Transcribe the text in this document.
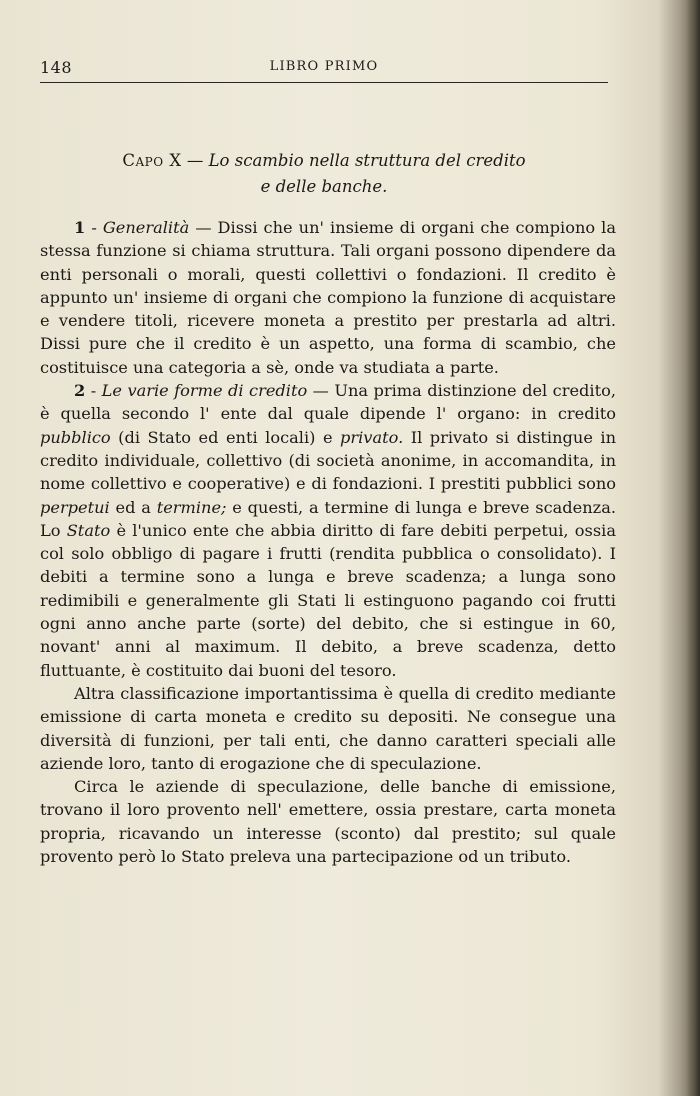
148	LIBRO PRIMO
Capo X — Lo scambio nella struttura del credito
e delle banche.

1 - Generalità — Dissi che un' insieme di organi che compiono la stessa funzione si chiama struttura. Tali organi possono dipendere da enti personali o morali, questi collettivi o fondazioni. Il credito è appunto un' insieme di organi che compiono la funzione di acquistare e vendere titoli, ricevere moneta a prestito per prestarla ad altri. Dissi pure che il credito è un aspetto, una forma di scambio, che costituisce una categoria a sè, onde va studiata a parte.

2 - Le varie forme di credito — Una prima distinzione del credito, è quella secondo l' ente dal quale dipende l' organo: in credito pubblico (di Stato ed enti locali) e privato. Il privato si distingue in credito individuale, collettivo (di società anonime, in accomandita, in nome collettivo e cooperative) e di fondazioni. I prestiti pubblici sono perpetui ed a termine; e questi, a termine di lunga e breve scadenza. Lo Stato è l'unico ente che abbia diritto di fare debiti perpetui, ossia col solo obbligo di pagare i frutti (rendita pubblica o consolidato). I debiti a termine sono a lunga e breve scadenza; a lunga sono redimibili e generalmente gli Stati li estinguono pagando coi frutti ogni anno anche parte (sorte) del debito, che si estingue in 60, novant' anni al maximum. Il debito, a breve scadenza, detto fluttuante, è costituito dai buoni del tesoro.

Altra classificazione importantissima è quella di credito mediante emissione di carta moneta e credito su depositi. Ne consegue una diversità di funzioni, per tali enti, che danno caratteri speciali alle aziende loro, tanto di erogazione che di speculazione.

Circa le aziende di speculazione, delle banche di emissione, trovano il loro provento nell' emettere, ossia prestare, carta moneta propria, ricavando un interesse (sconto) dal prestito; sul quale provento però lo Stato preleva una partecipazione od un tributo.
